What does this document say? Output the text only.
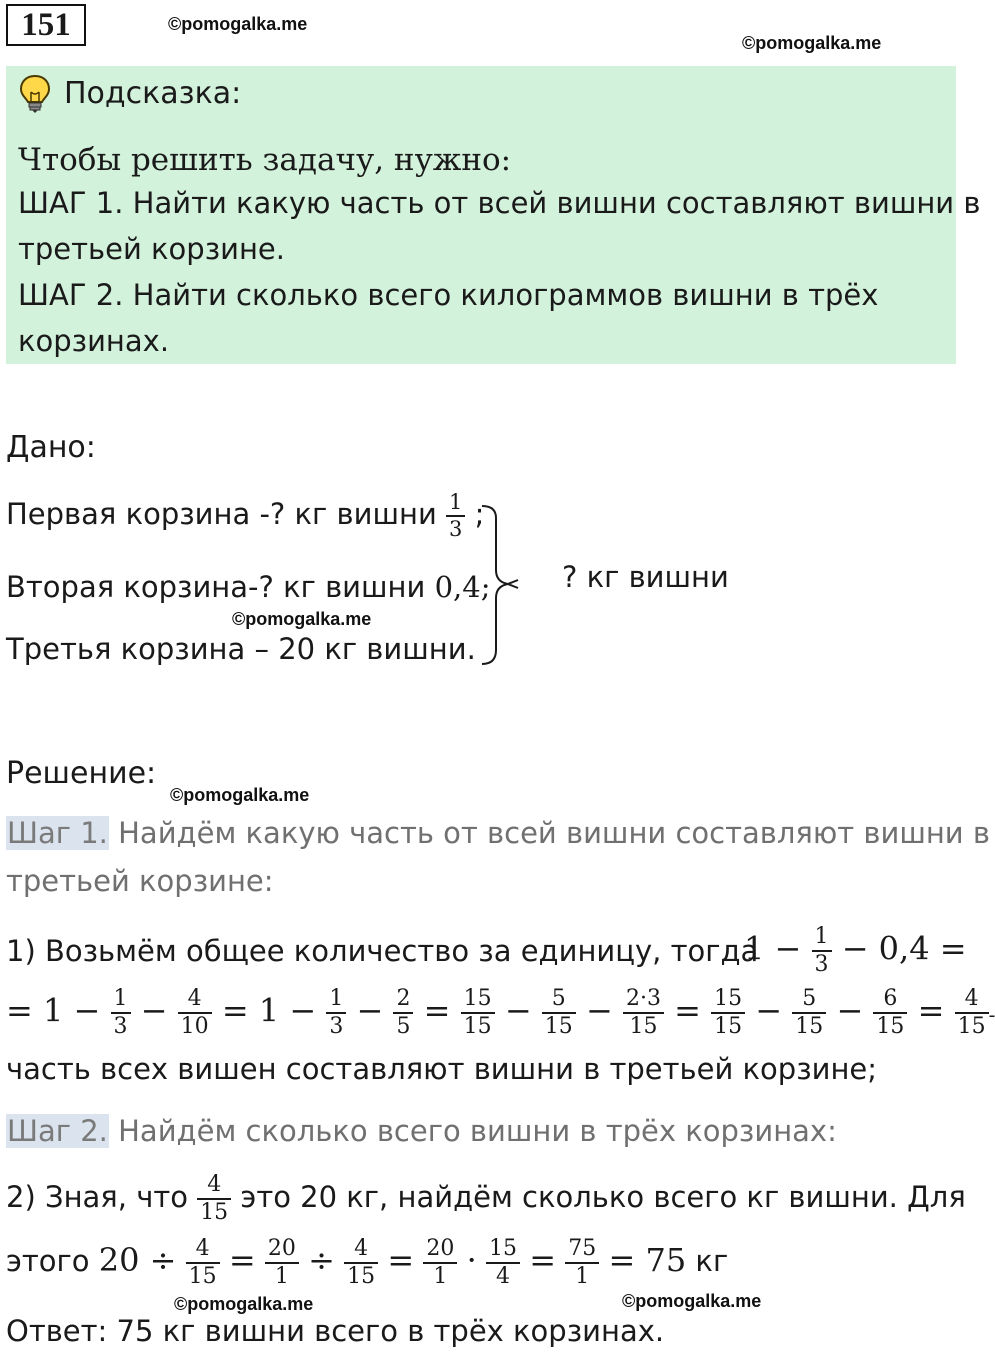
151	©pomogalka.me
©pomogalka.me
©pomogalka.me
©pomogalka.me
©pomogalka.me	©pomogalka.me
Подсказка:
Чтобы решить задачу, нужно:
ШАГ 1. Найти какую часть от всей вишни составляют вишни в
третьей корзине.
ШАГ 2. Найти сколько всего килограммов вишни в трёх
корзинах.
Дано:
Первая корзина -? кг вишни $\frac{1}{3}$ ;
Вторая корзина-? кг вишни 0,4;
Третья корзина – 20 кг вишни.
? кг вишни
Решение:
Шаг 1. Найдём какую часть от всей вишни составляют вишни в
третьей корзине:
1) Возьмём общее количество за единицу, тогда
$1 - \frac{1}{3} - 0,4$ =
= $1 - \frac{1}{3} - \frac{4}{10} = 1 - \frac{1}{3} - \frac{2}{5} = \frac{15}{15} - \frac{5}{15} - \frac{2\cdot 3}{15} = \frac{15}{15} - \frac{5}{15} - \frac{6}{15} = \frac{4}{15}$ -
часть всех вишен составляют вишни в третьей корзине;
Шаг 2. Найдём сколько всего вишни в трёх корзинах:
2) Зная, что $\frac{4}{15}$ это 20 кг, найдём сколько всего кг вишни. Для
этого $20 \div \frac{4}{15} = \frac{20}{1} \div \frac{4}{15} = \frac{20}{1} \cdot \frac{15}{4} = \frac{75}{1} = 75$ кг
Ответ: 75 кг вишни всего в трёх корзинах.
